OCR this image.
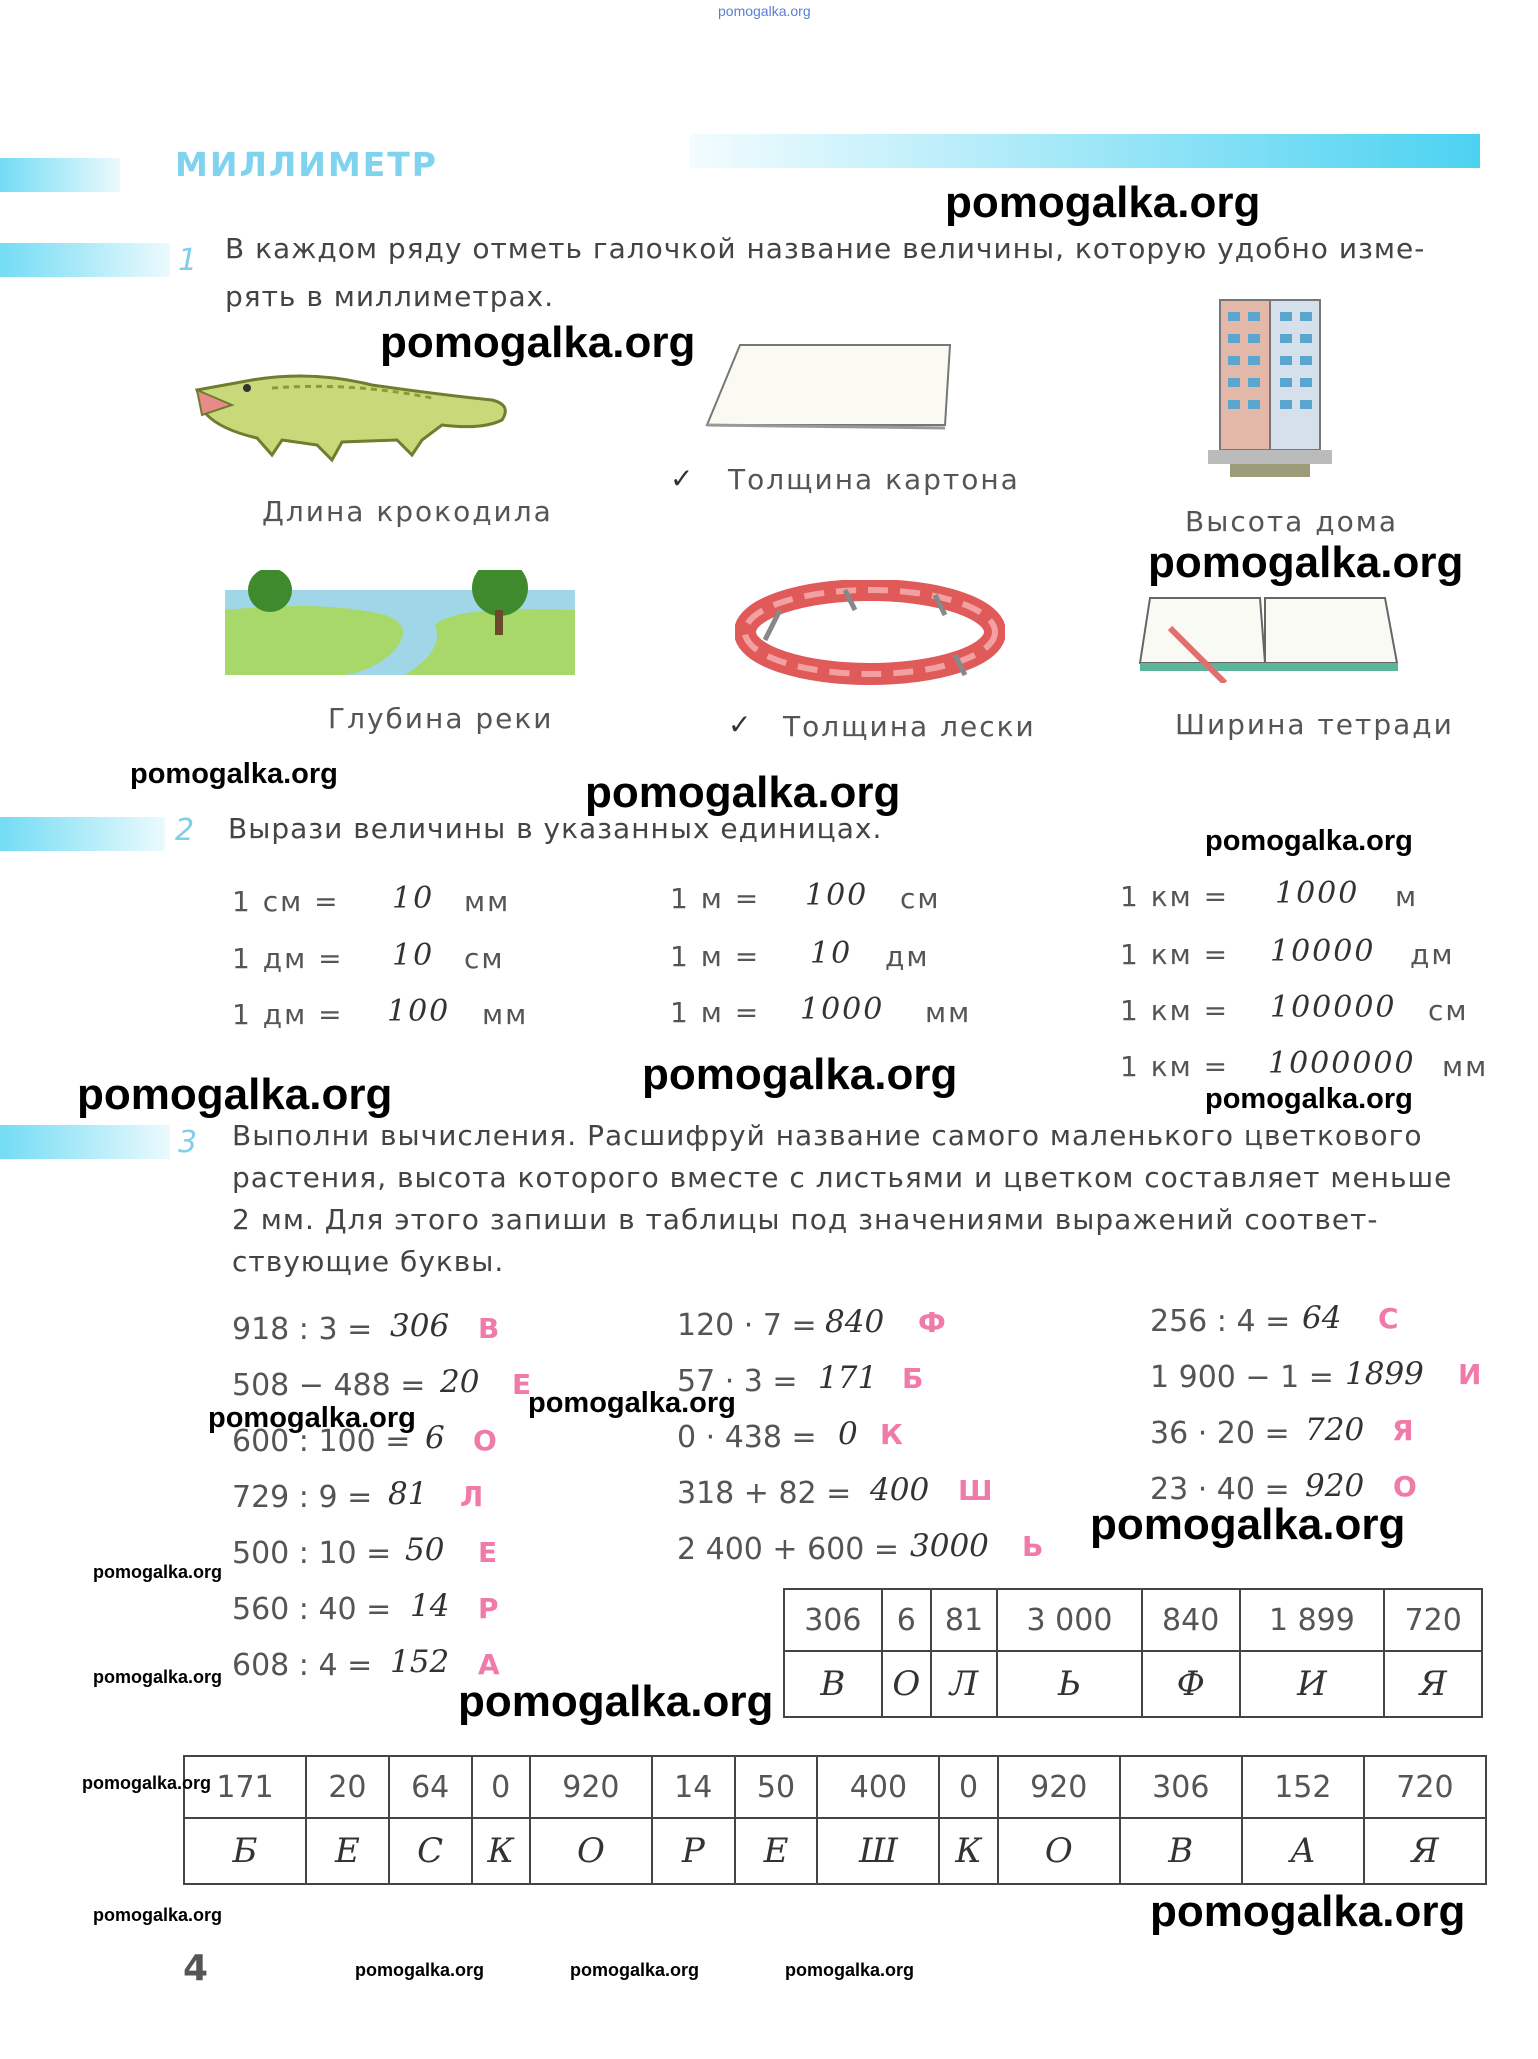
pomogalka.org
МИЛЛИМЕТР
1 В каждом ряду отметь галочкой название величины, которую удобно изме-
рять в миллиметрах.
Длина крокодила
✓ Толщина картона
Высота дома
Глубина реки	✓ Толщина лески	Ширина тетради
2 Вырази величины в указанных единицах.
1 см = 10 мм
1 дм = 10 см
1 дм = 100 мм
1 м = 100 см
1 м = 10 дм
1 м = 1000 мм
1 км = 1000 м
1 км = 10000 дм
1 км = 100000 см
1 км = 1000000 мм
3 Выполни вычисления. Расшифруй название самого маленького цветкового
растения, высота которого вместе с листьями и цветком составляет меньше
2 мм. Для этого запиши в таблицы под значениями выражений соответ-
ствующие буквы.
918 : 3 = 306 В
508 − 488 = 20 Е
600 : 100 = 6 О
729 : 9 = 81 Л
500 : 10 = 50 Е
560 : 40 = 14 Р
608 : 4 = 152 А
120 · 7 = 840 Ф
57 · 3 = 171 Б
0 · 438 = 0 К
318 + 82 = 400 Ш
2 400 + 600 = 3000 Ь
256 : 4 = 64 С
1 900 − 1 = 1899 И
36 · 20 = 720 Я
23 · 40 = 920 О
306	6	81	3 000	840	1 899	720
В	О	Л	Ь	Ф	И	Я
171	20	64	0	920	14	50	400	0	920	306	152	720
Б	Е	С	К	О	Р	Е	Ш	К	О	В	А	Я
4
pomogalka.org
pomogalka.org
pomogalka.org
pomogalka.org	pomogalka.org
pomogalka.org
pomogalka.org	pomogalka.org	pomogalka.org
pomogalka.org
pomogalka.org
pomogalka.org
pomogalka.org
pomogalka.org	pomogalka.org
pomogalka.org
pomogalka.org	pomogalka.org
pomogalka.org	pomogalka.org	pomogalka.org
